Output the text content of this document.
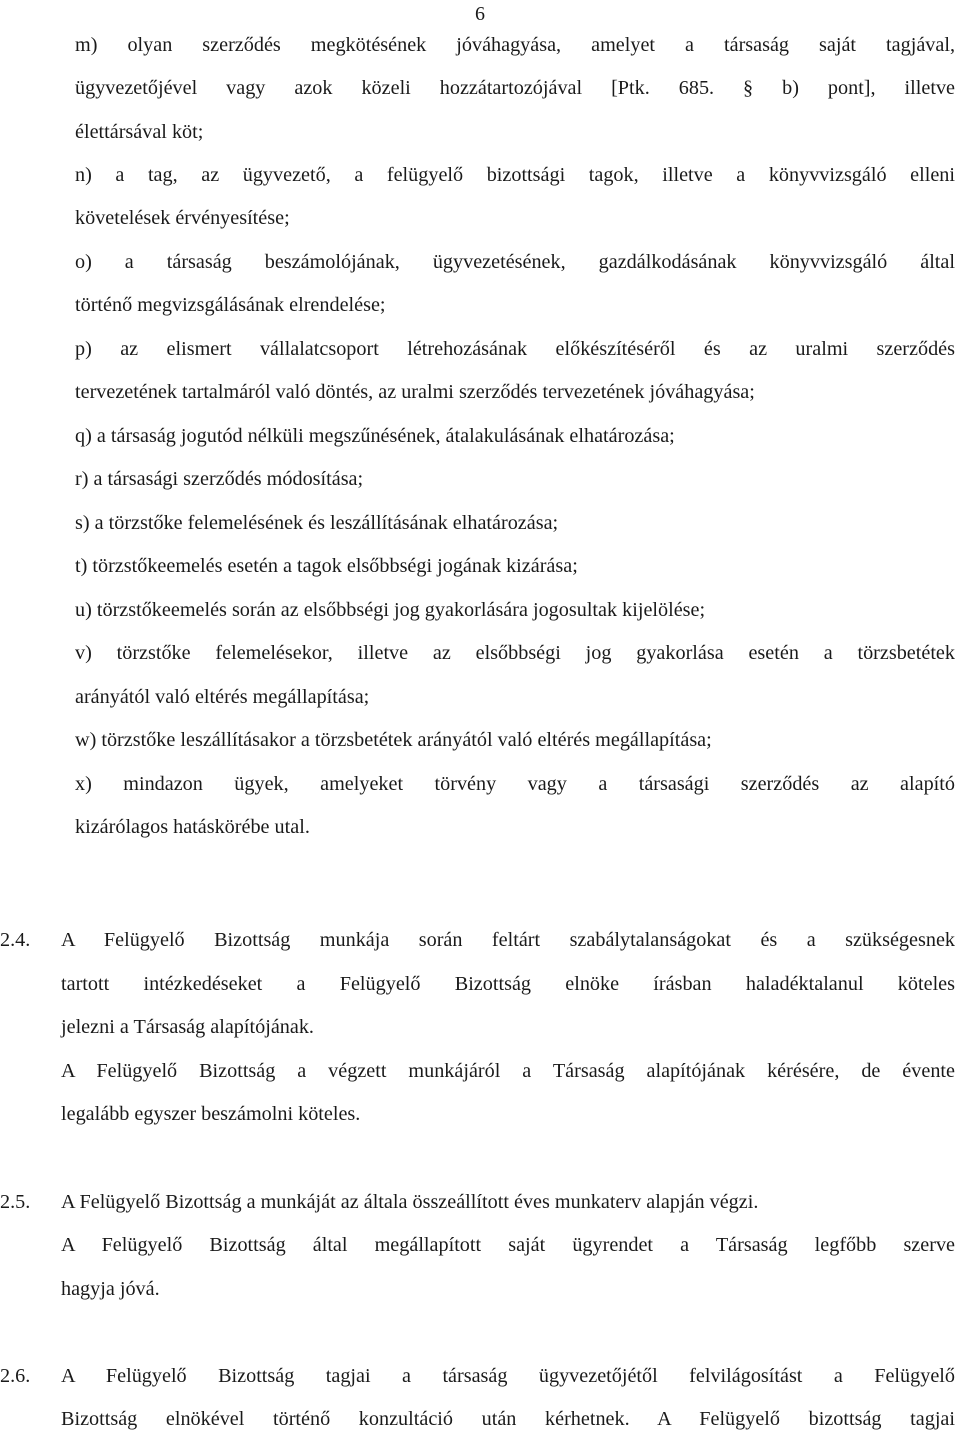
6
m) olyan szerződés megkötésének jóváhagyása, amelyet a társaság saját tagjával,
ügyvezetőjével vagy azok közeli hozzátartozójával [Ptk. 685. § b) pont], illetve
élettársával köt;
n) a tag, az ügyvezető, a felügyelő bizottsági tagok, illetve a könyvvizsgáló elleni
követelések érvényesítése;
o) a társaság beszámolójának, ügyvezetésének, gazdálkodásának könyvvizsgáló által
történő megvizsgálásának elrendelése;
p) az elismert vállalatcsoport létrehozásának előkészítéséről és az uralmi szerződés
tervezetének tartalmáról való döntés, az uralmi szerződés tervezetének jóváhagyása;
q) a társaság jogutód nélküli megszűnésének, átalakulásának elhatározása;
r) a társasági szerződés módosítása;
s) a törzstőke felemelésének és leszállításának elhatározása;
t) törzstőkeemelés esetén a tagok elsőbbségi jogának kizárása;
u) törzstőkeemelés során az elsőbbségi jog gyakorlására jogosultak kijelölése;
v) törzstőke felemelésekor, illetve az elsőbbségi jog gyakorlása esetén a törzsbetétek
arányától való eltérés megállapítása;
w) törzstőke leszállításakor a törzsbetétek arányától való eltérés megállapítása;
x) mindazon ügyek, amelyeket törvény vagy a társasági szerződés az alapító
kizárólagos hatáskörébe utal.
2.4.	A Felügyelő Bizottság munkája során feltárt szabálytalanságokat és a szükségesnek
tartott intézkedéseket a Felügyelő Bizottság elnöke írásban haladéktalanul köteles
jelezni a Társaság alapítójának.
A Felügyelő Bizottság a végzett munkájáról a Társaság alapítójának kérésére, de évente
legalább egyszer beszámolni köteles.
2.5.	A Felügyelő Bizottság a munkáját az általa összeállított éves munkaterv alapján végzi.
A Felügyelő Bizottság által megállapított saját ügyrendet a Társaság legfőbb szerve
hagyja jóvá.
2.6.	A Felügyelő Bizottság tagjai a társaság ügyvezetőjétől felvilágosítást a Felügyelő
Bizottság elnökével történő konzultáció után kérhetnek. A Felügyelő bizottság tagjai
